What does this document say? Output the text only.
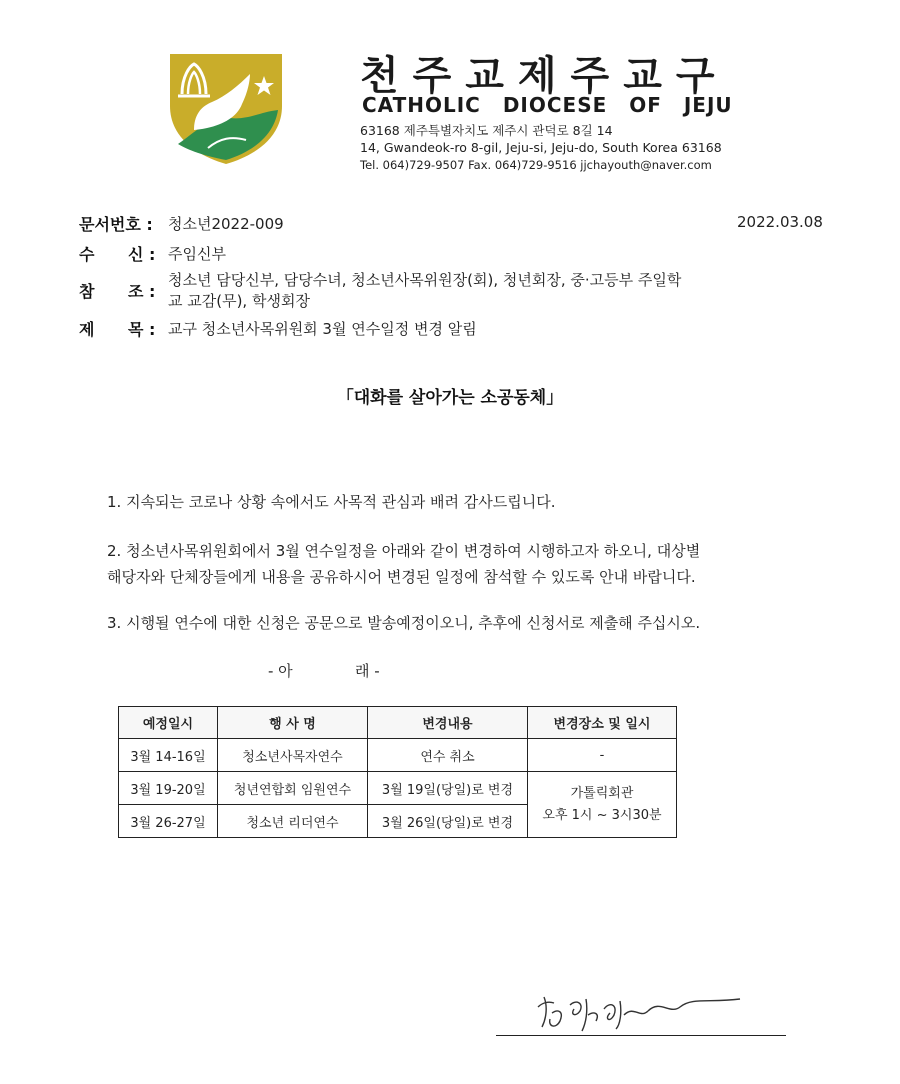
천주교제주교구
CATHOLIC DIOCESE OF JEJU
63168 제주특별자치도 제주시 관덕로 8길 14
14, Gwandeok-ro 8-gil, Jeju-si, Jeju-do, South Korea 63168
Tel. 064)729-9507 Fax. 064)729-9516 jjchayouth@naver.com
문서번호 : 청소년2022-009	2022.03.08
수 신 : 주임신부
참 조 :
청소년 담당신부, 담당수녀, 청소년사목위원장(회), 청년회장, 중·고등부 주일학
교 교감(무), 학생회장
제 목 : 교구 청소년사목위원회 3월 연수일정 변경 알림
「대화를 살아가는 소공동체」
1. 지속되는 코로나 상황 속에서도 사목적 관심과 배려 감사드립니다.
2. 청소년사목위원회에서 3월 연수일정을 아래와 같이 변경하여 시행하고자 하오니, 대상별
해당자와 단체장들에게 내용을 공유하시어 변경된 일정에 참석할 수 있도록 안내 바랍니다.
3. 시행될 연수에 대한 신청은 공문으로 발송예정이오니, 추후에 신청서로 제출해 주십시오.
- 아	래 -
예정일시	행 사 명	변경내용	변경장소 및 일시
3월 14-16일	청소년사목자연수	연수 취소	-
3월 19-20일	청년연합회 임원연수	3월 19일(당일)로 변경	가톨릭회관
오후 1시 ~ 3시30분

3월 26-27일	청소년 리더연수	3월 26일(당일)로 변경	
